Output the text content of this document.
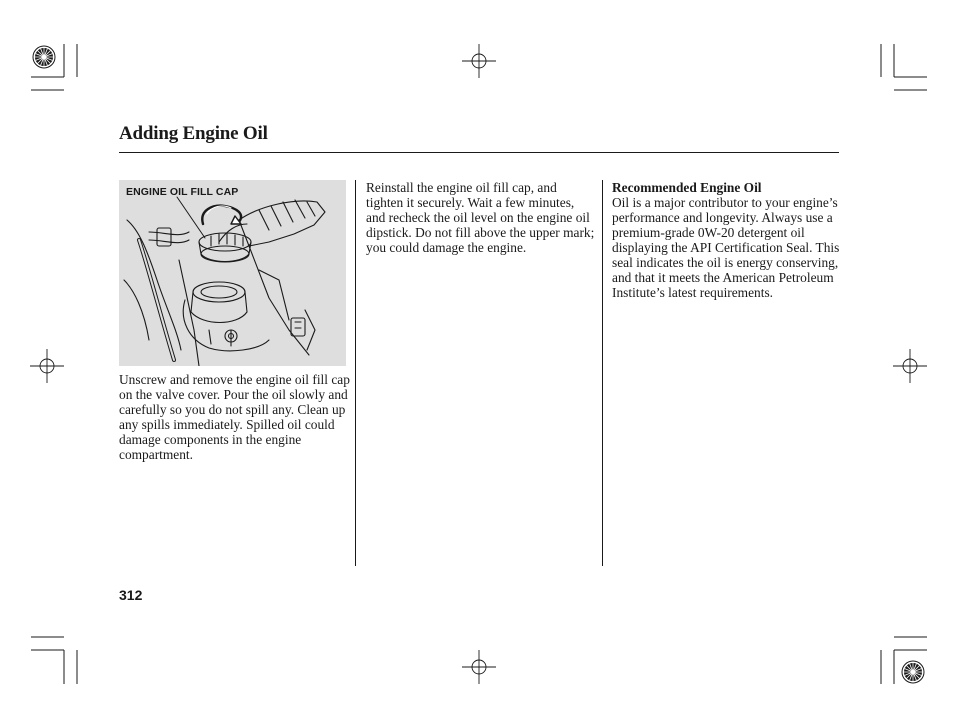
Adding Engine Oil
ENGINE OIL FILL CAP
Unscrew and remove the engine oil fill cap on the valve cover. Pour the oil slowly and carefully so you do not spill any. Clean up any spills immediately. Spilled oil could damage components in the engine compartment.
Reinstall the engine oil fill cap, and tighten it securely. Wait a few minutes, and recheck the oil level on the engine oil dipstick. Do not fill above the upper mark; you could damage the engine.
Recommended Engine Oil
Oil is a major contributor to your engine’s performance and longevity. Always use a premium-grade 0W-20 detergent oil displaying the API Certification Seal. This seal indicates the oil is energy conserving, and that it meets the American Petroleum Institute’s latest requirements.
312
